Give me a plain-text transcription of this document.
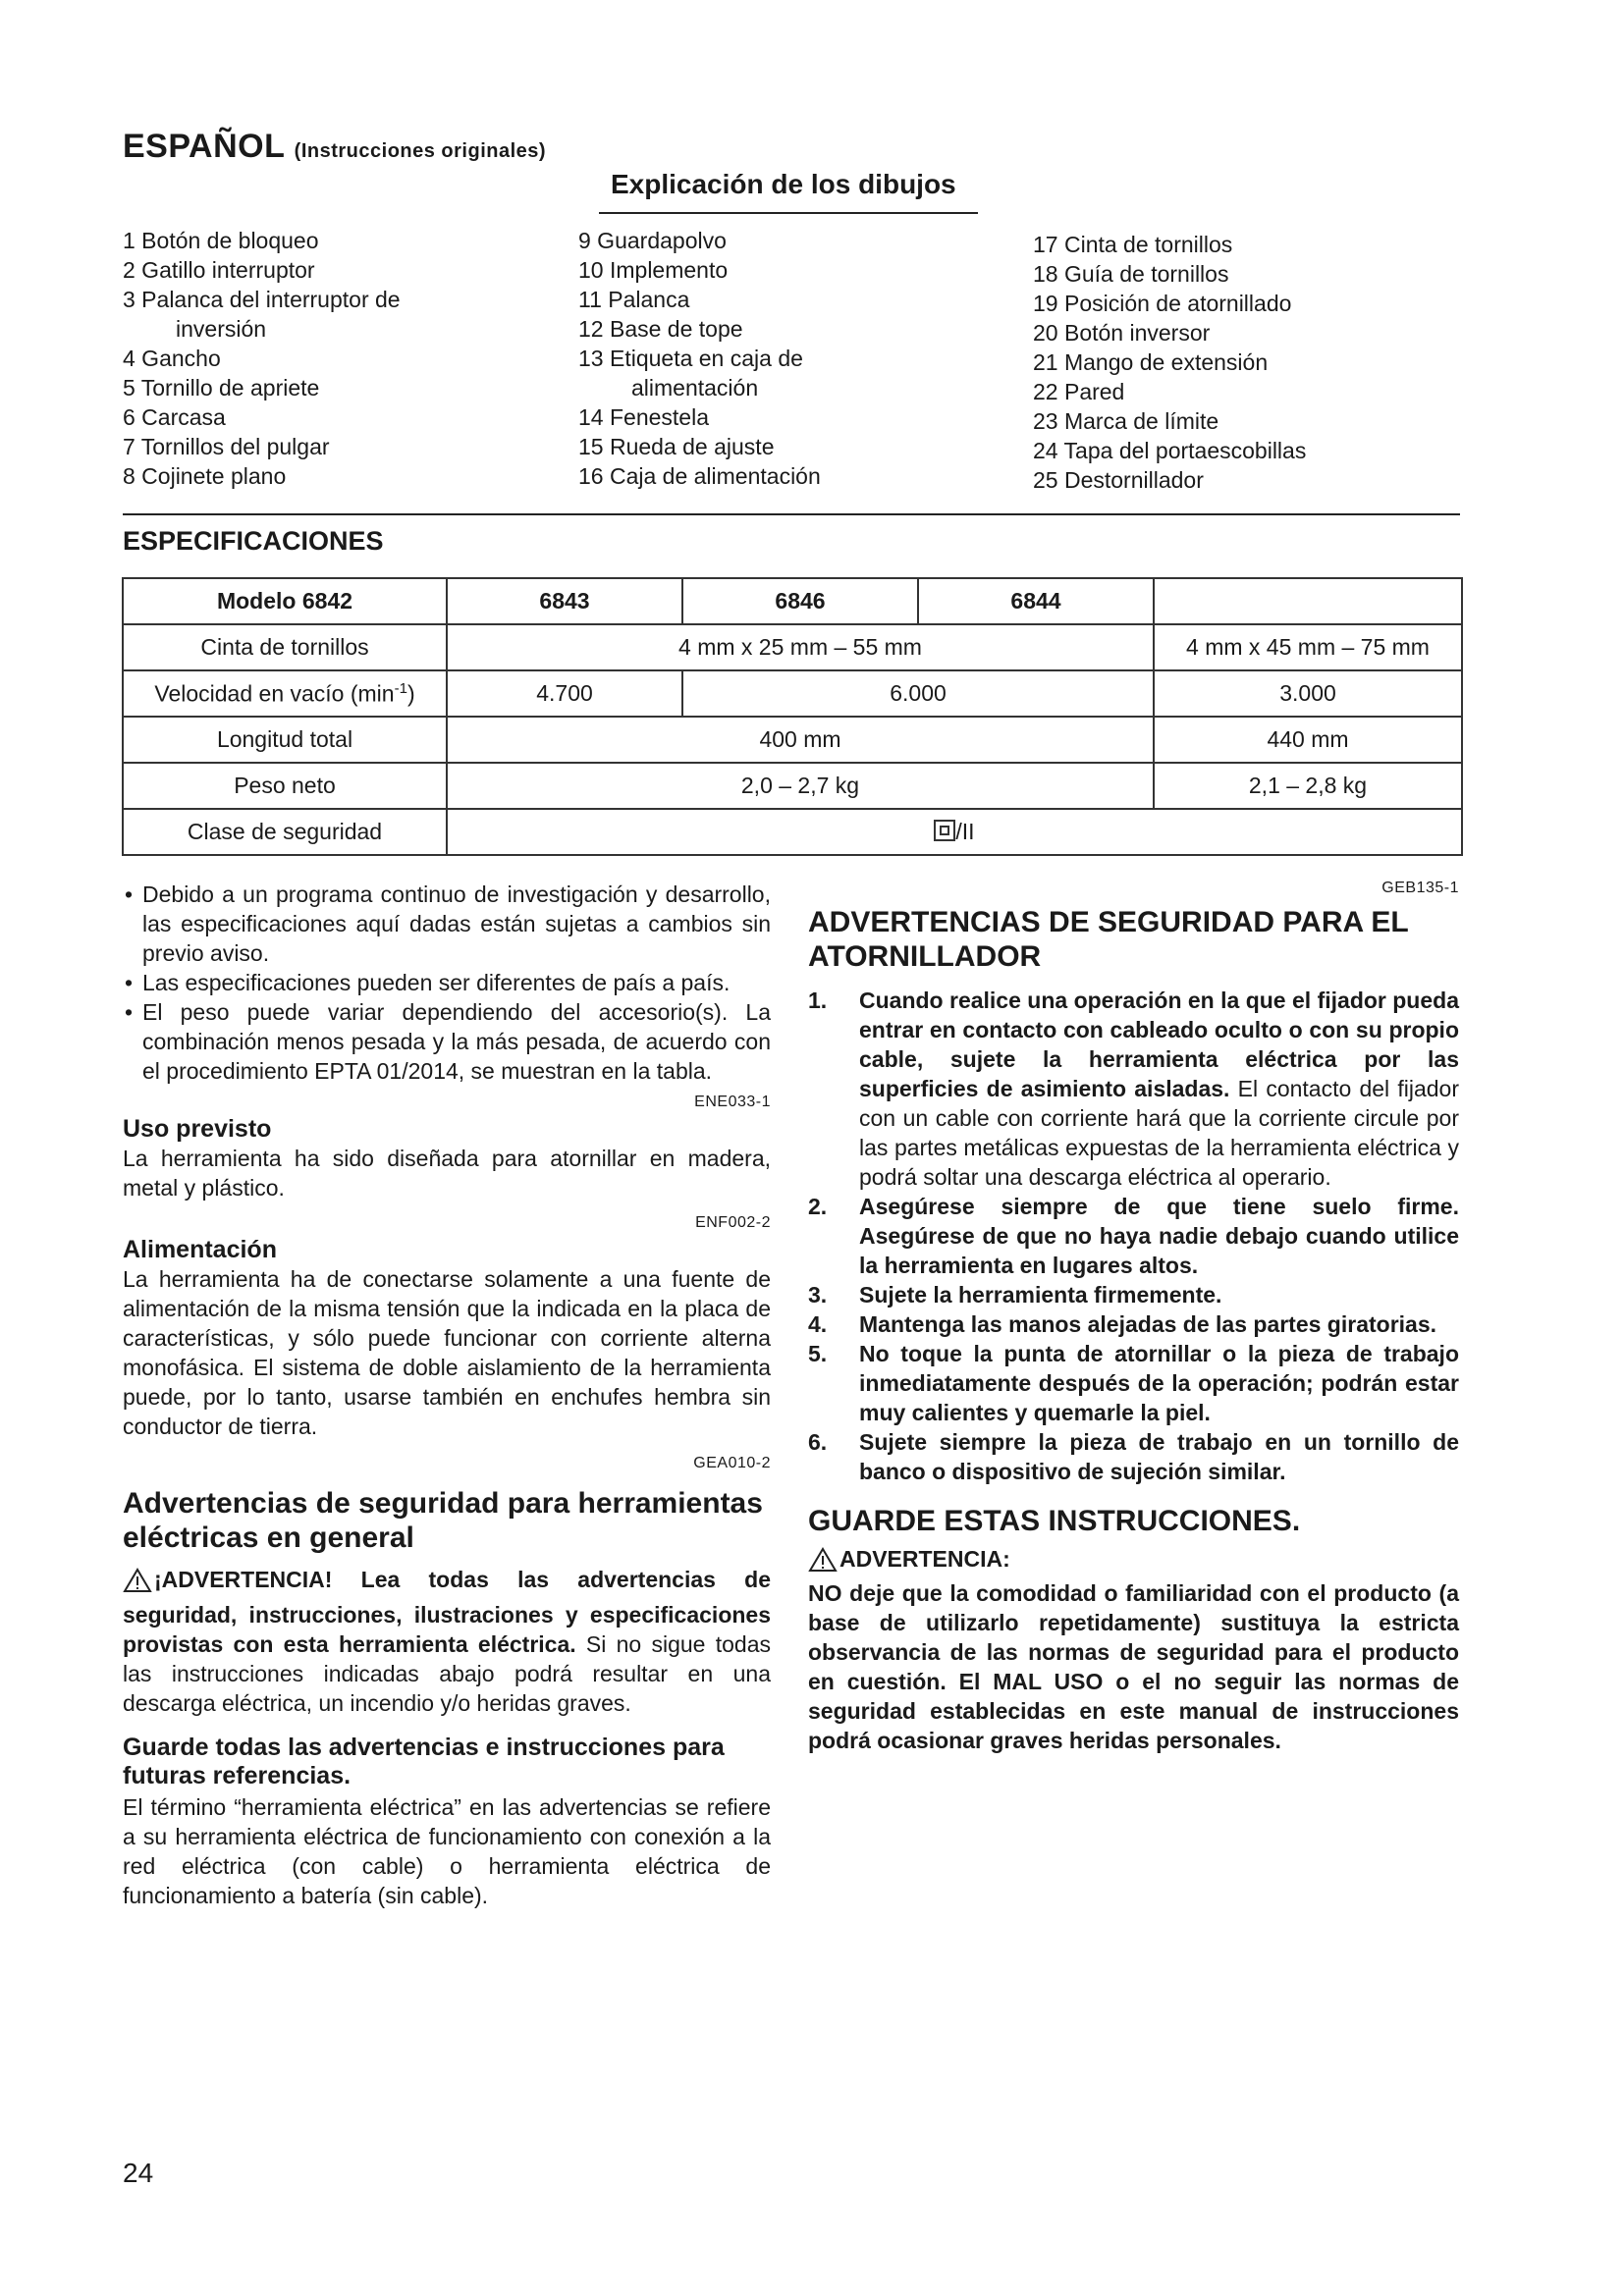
ESPAÑOL (Instrucciones originales)
Explicación de los dibujos
1 Botón de bloqueo
2 Gatillo interruptor
3 Palanca del interruptor de
inversión
4 Gancho
5 Tornillo de apriete
6 Carcasa
7 Tornillos del pulgar
8 Cojinete plano
9 Guardapolvo
10 Implemento
11 Palanca
12 Base de tope
13 Etiqueta en caja de
alimentación
14 Fenestela
15 Rueda de ajuste
16 Caja de alimentación
17 Cinta de tornillos
18 Guía de tornillos
19 Posición de atornillado
20 Botón inversor
21 Mango de extensión
22 Pared
23 Marca de límite
24 Tapa del portaescobillas
25 Destornillador
ESPECIFICACIONES
Modelo 6842	6843	6846	6844	
Cinta de tornillos	4 mm x 25 mm – 55 mm			4 mm x 45 mm – 75 mm
Velocidad en vacío $(\min^{-1})$	4.700	6.000		3.000
Longitud total	400 mm			440 mm
Peso neto	2,0 – 2,7 kg			2,1 – 2,8 kg
Clase de seguridad	/II			
• Debido a un programa continuo de investigación y desarrollo, las especificaciones aquí dadas están sujetas a cambios sin previo aviso.
• Las especificaciones pueden ser diferentes de país a país.
• El peso puede variar dependiendo del accesorio(s). La combinación menos pesada y la más pesada, de acuerdo con el procedimiento EPTA 01/2014, se muestran en la tabla.
ENE033-1
Uso previsto
La herramienta ha sido diseñada para atornillar en madera, metal y plástico.
ENF002-2
Alimentación
La herramienta ha de conectarse solamente a una fuente de alimentación de la misma tensión que la indicada en la placa de características, y sólo puede funcionar con corriente alterna monofásica. El sistema de doble aislamiento de la herramienta puede, por lo tanto, usarse también en enchufes hembra sin conductor de tierra.
GEA010-2
Advertencias de seguridad para herramientas eléctricas en general
¡ADVERTENCIA! Lea todas las advertencias de seguridad, instrucciones, ilustraciones y especificaciones provistas con esta herramienta eléctrica. Si no sigue todas las instrucciones indicadas abajo podrá resultar en una descarga eléctrica, un incendio y/o heridas graves.
Guarde todas las advertencias e instrucciones para futuras referencias.
El término “herramienta eléctrica” en las advertencias se refiere a su herramienta eléctrica de funcionamiento con conexión a la red eléctrica (con cable) o herramienta eléctrica de funcionamiento a batería (sin cable).
GEB135-1
ADVERTENCIAS DE SEGURIDAD PARA EL ATORNILLADOR
1.	Cuando realice una operación en la que el fijador pueda entrar en contacto con cableado oculto o con su propio cable, sujete la herramienta eléctrica por las superficies de asimiento aisladas. El contacto del fijador con un cable con corriente hará que la corriente circule por las partes metálicas expuestas de la herramienta eléctrica y podrá soltar una descarga eléctrica al operario.
2.	Asegúrese siempre de que tiene suelo firme. Asegúrese de que no haya nadie debajo cuando utilice la herramienta en lugares altos.
3.	Sujete la herramienta firmemente.
4.	Mantenga las manos alejadas de las partes giratorias.
5.	No toque la punta de atornillar o la pieza de trabajo inmediatamente después de la operación; podrán estar muy calientes y quemarle la piel.
6.	Sujete siempre la pieza de trabajo en un tornillo de banco o dispositivo de sujeción similar.
GUARDE ESTAS INSTRUCCIONES.
ADVERTENCIA:
NO deje que la comodidad o familiaridad con el producto (a base de utilizarlo repetidamente) sustituya la estricta observancia de las normas de seguridad para el producto en cuestión. El MAL USO o el no seguir las normas de seguridad establecidas en este manual de instrucciones podrá ocasionar graves heridas personales.
24
